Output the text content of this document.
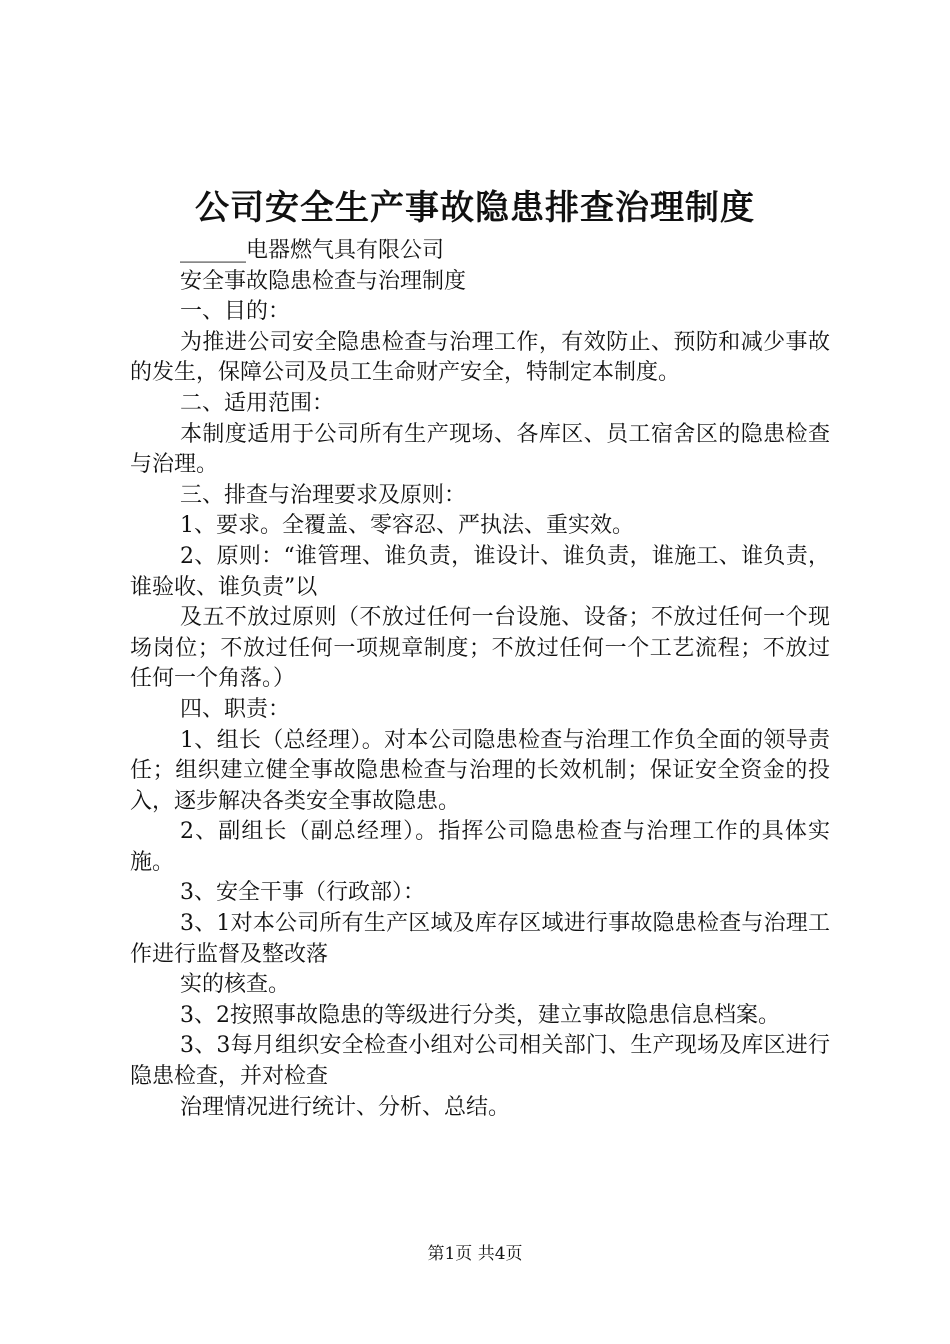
公司安全生产事故隐患排查治理制度

______电器燃气具有限公司

安全事故隐患检查与治理制度

一、目的：

为推进公司安全隐患检查与治理工作，有效防止、预防和减少事故的发生，保障公司及员工生命财产安全，特制定本制度。

二、适用范围：

本制度适用于公司所有生产现场、各库区、员工宿舍区的隐患检查与治理。

三、排查与治理要求及原则：

1、要求。全覆盖、零容忍、严执法、重实效。

2、原则：“谁管理、谁负责，谁设计、谁负责，谁施工、谁负责，谁验收、谁负责”以

及五不放过原则（不放过任何一台设施、设备；不放过任何一个现场岗位；不放过任何一项规章制度；不放过任何一个工艺流程；不放过任何一个角落。）

四、职责：

1、组长（总经理）。对本公司隐患检查与治理工作负全面的领导责任；组织建立健全事故隐患检查与治理的长效机制；保证安全资金的投入，逐步解决各类安全事故隐患。

2、副组长（副总经理）。指挥公司隐患检查与治理工作的具体实施。

3、安全干事（行政部）：

3、1对本公司所有生产区域及库存区域进行事故隐患检查与治理工作进行监督及整改落

实的核查。

3、2按照事故隐患的等级进行分类，建立事故隐患信息档案。

3、3每月组织安全检查小组对公司相关部门、生产现场及库区进行隐患检查，并对检查

治理情况进行统计、分析、总结。

第1页 共4页
